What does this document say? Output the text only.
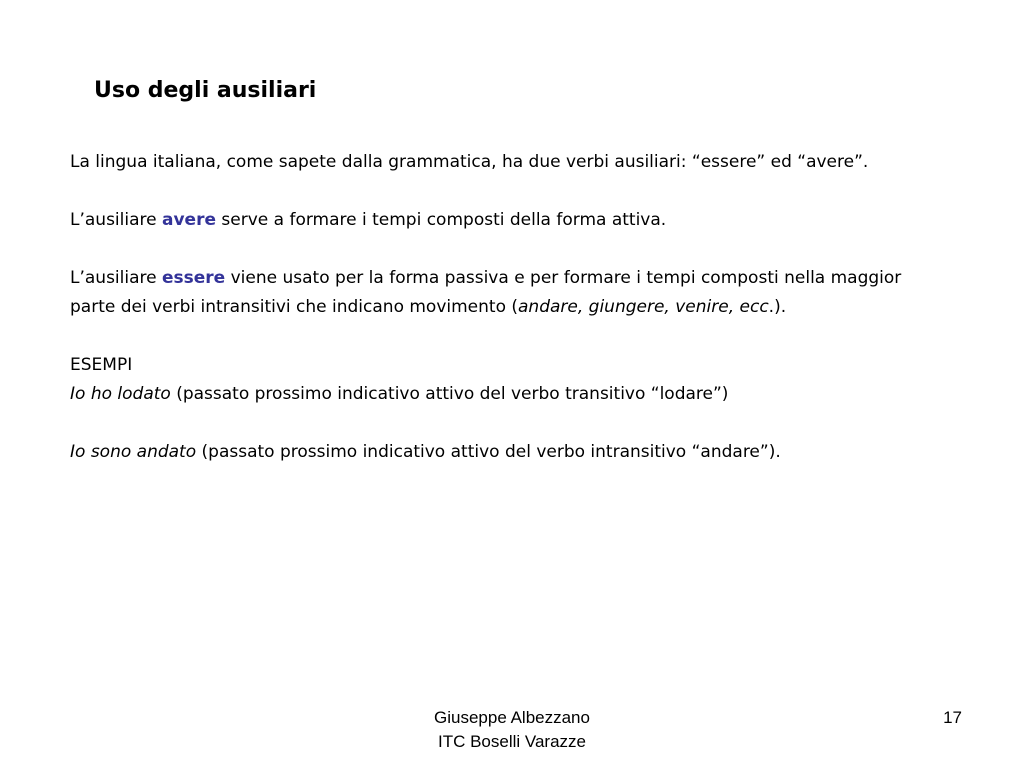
Uso degli ausiliari

La lingua italiana, come sapete dalla grammatica, ha due verbi ausiliari: “essere” ed “avere”.

L’ausiliare avere serve a formare i tempi composti della forma attiva.

L’ausiliare essere viene usato per la forma passiva e per formare i tempi composti nella maggior parte dei verbi intransitivi che indicano movimento (andare, giungere, venire, ecc.).

ESEMPI

Io ho lodato (passato prossimo indicativo attivo del verbo transitivo “lodare”)

Io sono andato (passato prossimo indicativo attivo del verbo intransitivo “andare”).

Giuseppe Albezzano
ITC Boselli Varazze
17
